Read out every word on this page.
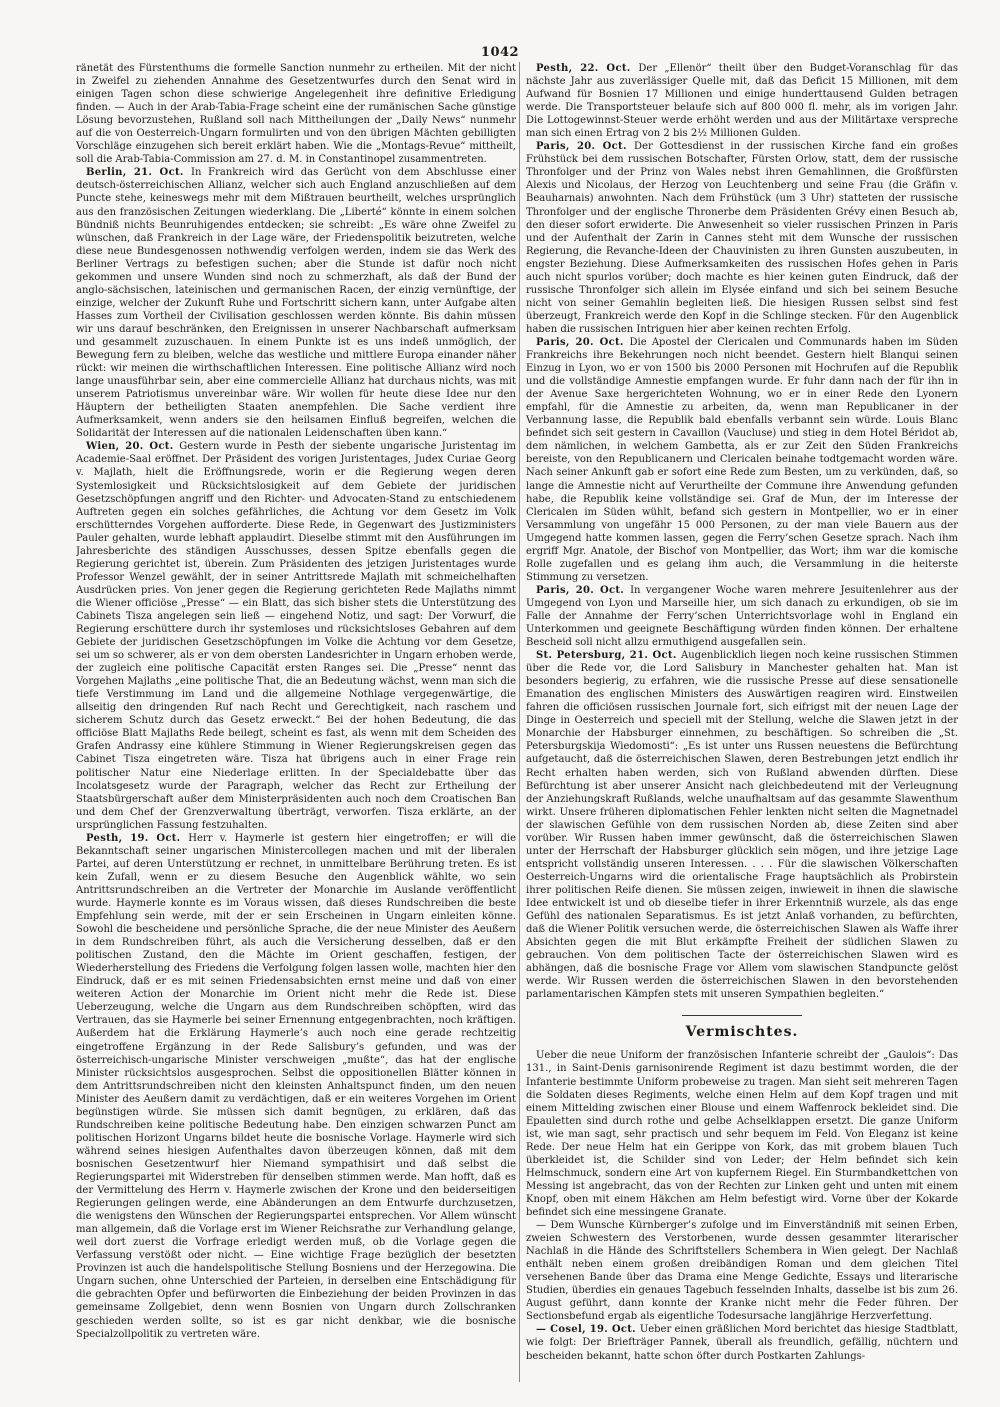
1042

ränetät des Fürstenthums die formelle Sanction nunmehr zu ertheilen. Mit der nicht in Zweifel zu ziehenden Annahme des Gesetzentwurfes durch den Senat wird in einigen Tagen schon diese schwierige Angelegenheit ihre definitive Erledigung finden. — Auch in der Arab-Tabia-Frage scheint eine der rumänischen Sache günstige Lösung bevorzustehen, Rußland soll nach Mittheilungen der „Daily News“ nunmehr auf die von Oesterreich-Ungarn formulirten und von den übrigen Mächten gebilligten Vorschläge einzugehen sich bereit erklärt haben. Wie die „Montags-Revue“ mittheilt, soll die Arab-Tabia-Commission am 27. d. M. in Constantinopel zusammentreten.

Berlin, 21. Oct. In Frankreich wird das Gerücht von dem Abschlusse einer deutsch-österreichischen Allianz, welcher sich auch England anzuschließen auf dem Puncte stehe, keineswegs mehr mit dem Mißtrauen beurtheilt, welches ursprünglich aus den französischen Zeitungen wiederklang. Die „Liberté“ könnte in einem solchen Bündniß nichts Beunruhigendes entdecken; sie schreibt: „Es wäre ohne Zweifel zu wünschen, daß Frankreich in der Lage wäre, der Friedenspolitik beizutreten, welche diese neue Bundesgenossen nothwendig verfolgen werden, indem sie das Werk des Berliner Vertrags zu befestigen suchen; aber die Stunde ist dafür noch nicht gekommen und unsere Wunden sind noch zu schmerzhaft, als daß der Bund der anglo-sächsischen, lateinischen und germanischen Racen, der einzig vernünftige, der einzige, welcher der Zukunft Ruhe und Fortschritt sichern kann, unter Aufgabe alten Hasses zum Vortheil der Civilisation geschlossen werden könnte. Bis dahin müssen wir uns darauf beschränken, den Ereignissen in unserer Nachbarschaft aufmerksam und gesammelt zuzuschauen. In einem Punkte ist es uns indeß unmöglich, der Bewegung fern zu bleiben, welche das westliche und mittlere Europa einander näher rückt: wir meinen die wirthschaftlichen Interessen. Eine politische Allianz wird noch lange unausführbar sein, aber eine commercielle Allianz hat durchaus nichts, was mit unserem Patriotismus unvereinbar wäre. Wir wollen für heute diese Idee nur den Häuptern der betheiligten Staaten anempfehlen. Die Sache verdient ihre Aufmerksamkeit, wenn anders sie den heilsamen Einfluß begreifen, welchen die Solidarität der Interessen auf die nationalen Leidenschaften üben kann.“

Wien, 20. Oct. Gestern wurde in Pesth der siebente ungarische Juristentag im Academie-Saal eröffnet. Der Präsident des vorigen Juristentages, Judex Curiae Georg v. Majlath, hielt die Eröffnungsrede, worin er die Regierung wegen deren Systemlosigkeit und Rücksichtslosigkeit auf dem Gebiete der juridischen Gesetzschöpfungen angriff und den Richter- und Advocaten-Stand zu entschiedenem Auftreten gegen ein solches gefährliches, die Achtung vor dem Gesetz im Volk erschütterndes Vorgehen aufforderte. Diese Rede, in Gegenwart des Justizministers Pauler gehalten, wurde lebhaft applaudirt. Dieselbe stimmt mit den Ausführungen im Jahresberichte des ständigen Ausschusses, dessen Spitze ebenfalls gegen die Regierung gerichtet ist, überein. Zum Präsidenten des jetzigen Juristentages wurde Professor Wenzel gewählt, der in seiner Antrittsrede Majlath mit schmeichelhaften Ausdrücken pries. Von jener gegen die Regierung gerichteten Rede Majlaths nimmt die Wiener officiöse „Presse“ — ein Blatt, das sich bisher stets die Unterstützung des Cabinets Tisza angelegen sein ließ — eingehend Notiz, und sagt: Der Vorwurf, die Regierung erschüttere durch ihr systemloses und rücksichtsloses Gebahren auf dem Gebiete der juridischen Gesetzschöpfungen im Volke die Achtung vor dem Gesetze, sei um so schwerer, als er von dem obersten Landesrichter in Ungarn erhoben werde, der zugleich eine politische Capacität ersten Ranges sei. Die „Presse“ nennt das Vorgehen Majlaths „eine politische That, die an Bedeutung wächst, wenn man sich die tiefe Verstimmung im Land und die allgemeine Nothlage vergegenwärtige, die allseitig den dringenden Ruf nach Recht und Gerechtigkeit, nach raschem und sicherem Schutz durch das Gesetz erweckt.“ Bei der hohen Bedeutung, die das officiöse Blatt Majlaths Rede beilegt, scheint es fast, als wenn mit dem Scheiden des Grafen Andrassy eine kühlere Stimmung in Wiener Regierungskreisen gegen das Cabinet Tisza eingetreten wäre. Tisza hat übrigens auch in einer Frage rein politischer Natur eine Niederlage erlitten. In der Specialdebatte über das Incolatsgesetz wurde der Paragraph, welcher das Recht zur Ertheilung der Staatsbürgerschaft außer dem Ministerpräsidenten auch noch dem Croatischen Ban und dem Chef der Grenzverwaltung überträgt, verworfen. Tisza erklärte, an der ursprünglichen Fassung festzuhalten.

Pesth, 19. Oct. Herr v. Haymerle ist gestern hier eingetroffen; er will die Bekanntschaft seiner ungarischen Ministercollegen machen und mit der liberalen Partei, auf deren Unterstützung er rechnet, in unmittelbare Berührung treten. Es ist kein Zufall, wenn er zu diesem Besuche den Augenblick wählte, wo sein Antrittsrundschreiben an die Vertreter der Monarchie im Auslande veröffentlicht wurde. Haymerle konnte es im Voraus wissen, daß dieses Rundschreiben die beste Empfehlung sein werde, mit der er sein Erscheinen in Ungarn einleiten könne. Sowohl die bescheidene und persönliche Sprache, die der neue Minister des Aeußern in dem Rundschreiben führt, als auch die Versicherung desselben, daß er den politischen Zustand, den die Mächte im Orient geschaffen, festigen, der Wiederherstellung des Friedens die Verfolgung folgen lassen wolle, machten hier den Eindruck, daß er es mit seinen Friedensabsichten ernst meine und daß von einer weiteren Action der Monarchie im Orient nicht mehr die Rede ist. Diese Ueberzeugung, welche die Ungarn aus dem Rundschreiben schöpften, wird das Vertrauen, das sie Haymerle bei seiner Ernennung entgegenbrachten, noch kräftigen. Außerdem hat die Erklärung Haymerle’s auch noch eine gerade rechtzeitig eingetroffene Ergänzung in der Rede Salisbury’s gefunden, und was der österreichisch-ungarische Minister verschweigen „mußte“, das hat der englische Minister rücksichtslos ausgesprochen. Selbst die oppositionellen Blätter können in dem Antrittsrundschreiben nicht den kleinsten Anhaltspunct finden, um den neuen Minister des Aeußern damit zu verdächtigen, daß er ein weiteres Vorgehen im Orient begünstigen würde. Sie müssen sich damit begnügen, zu erklären, daß das Rundschreiben keine politische Bedeutung habe. Den einzigen schwarzen Punct am politischen Horizont Ungarns bildet heute die bosnische Vorlage. Haymerle wird sich während seines hiesigen Aufenthaltes davon überzeugen können, daß mit dem bosnischen Gesetzentwurf hier Niemand sympathisirt und daß selbst die Regierungspartei mit Widerstreben für denselben stimmen werde. Man hofft, daß es der Vermittelung des Herrn v. Haymerle zwischen der Krone und den beiderseitigen Regierungen gelingen werde, eine Abänderungen an dem Entwurfe durchzusetzen, die wenigstens den Wünschen der Regierungspartei entsprechen. Vor Allem wünscht man allgemein, daß die Vorlage erst im Wiener Reichsrathe zur Verhandlung gelange, weil dort zuerst die Vorfrage erledigt werden muß, ob die Vorlage gegen die Verfassung verstößt oder nicht. — Eine wichtige Frage bezüglich der besetzten Provinzen ist auch die handelspolitische Stellung Bosniens und der Herzegowina. Die Ungarn suchen, ohne Unterschied der Parteien, in derselben eine Entschädigung für die gebrachten Opfer und befürworten die Einbeziehung der beiden Provinzen in das gemeinsame Zollgebiet, denn wenn Bosnien von Ungarn durch Zollschranken geschieden werden sollte, so ist es gar nicht denkbar, wie die bosnische Specialzollpolitik zu vertreten wäre.

Pesth, 22. Oct. Der „Ellenör“ theilt über den Budget-Voranschlag für das nächste Jahr aus zuverlässiger Quelle mit, daß das Deficit 15 Millionen, mit dem Aufwand für Bosnien 17 Millionen und einige hunderttausend Gulden betragen werde. Die Transportsteuer belaufe sich auf 800 000 fl. mehr, als im vorigen Jahr. Die Lottogewinnst-Steuer werde erhöht werden und aus der Militärtaxe verspreche man sich einen Ertrag von 2 bis 2½ Millionen Gulden.

Paris, 20. Oct. Der Gottesdienst in der russischen Kirche fand ein großes Frühstück bei dem russischen Botschafter, Fürsten Orlow, statt, dem der russische Thronfolger und der Prinz von Wales nebst ihren Gemahlinnen, die Großfürsten Alexis und Nicolaus, der Herzog von Leuchtenberg und seine Frau (die Gräfin v. Beauharnais) anwohnten. Nach dem Frühstück (um 3 Uhr) statteten der russische Thronfolger und der englische Thronerbe dem Präsidenten Grévy einen Besuch ab, den dieser sofort erwiderte. Die Anwesenheit so vieler russischen Prinzen in Paris und der Aufenthalt der Zarin in Cannes steht mit dem Wunsche der russischen Regierung, die Revanche-Ideen der Chauvinisten zu ihren Gunsten auszubeuten, in engster Beziehung. Diese Aufmerksamkeiten des russischen Hofes gehen in Paris auch nicht spurlos vorüber; doch machte es hier keinen guten Eindruck, daß der russische Thronfolger sich allein im Elysée einfand und sich bei seinem Besuche nicht von seiner Gemahlin begleiten ließ. Die hiesigen Russen selbst sind fest überzeugt, Frankreich werde den Kopf in die Schlinge stecken. Für den Augenblick haben die russischen Intriguen hier aber keinen rechten Erfolg.

Paris, 20. Oct. Die Apostel der Clericalen und Communards haben im Süden Frankreichs ihre Bekehrungen noch nicht beendet. Gestern hielt Blanqui seinen Einzug in Lyon, wo er von 1500 bis 2000 Personen mit Hochrufen auf die Republik und die vollständige Amnestie empfangen wurde. Er fuhr dann nach der für ihn in der Avenue Saxe hergerichteten Wohnung, wo er in einer Rede den Lyonern empfahl, für die Amnestie zu arbeiten, da, wenn man Republicaner in der Verbannung lasse, die Republik bald ebenfalls verbannt sein würde. Louis Blanc befindet sich seit gestern in Cavaillon (Vaucluse) und stieg in dem Hotel Béridot ab, dem nämlichen, in welchem Gambetta, als er zur Zeit den Süden Frankreichs bereiste, von den Republicanern und Clericalen beinahe todtgemacht worden wäre. Nach seiner Ankunft gab er sofort eine Rede zum Besten, um zu verkünden, daß, so lange die Amnestie nicht auf Verurtheilte der Commune ihre Anwendung gefunden habe, die Republik keine vollständige sei. Graf de Mun, der im Interesse der Clericalen im Süden wühlt, befand sich gestern in Montpellier, wo er in einer Versammlung von ungefähr 15 000 Personen, zu der man viele Bauern aus der Umgegend hatte kommen lassen, gegen die Ferry’schen Gesetze sprach. Nach ihm ergriff Mgr. Anatole, der Bischof von Montpellier, das Wort; ihm war die komische Rolle zugefallen und es gelang ihm auch, die Versammlung in die heiterste Stimmung zu versetzen.

Paris, 20. Oct. In vergangener Woche waren mehrere Jesuitenlehrer aus der Umgegend von Lyon und Marseille hier, um sich danach zu erkundigen, ob sie im Falle der Annahme der Ferry’schen Unterrichtsvorlage wohl in England ein Unterkommen und geeignete Beschäftigung würden finden können. Der erhaltene Bescheid soll nicht allzu ermuthigend ausgefallen sein.

St. Petersburg, 21. Oct. Augenblicklich liegen noch keine russischen Stimmen über die Rede vor, die Lord Salisbury in Manchester gehalten hat. Man ist besonders begierig, zu erfahren, wie die russische Presse auf diese sensationelle Emanation des englischen Ministers des Auswärtigen reagiren wird. Einstweilen fahren die officiösen russischen Journale fort, sich eifrigst mit der neuen Lage der Dinge in Oesterreich und speciell mit der Stellung, welche die Slawen jetzt in der Monarchie der Habsburger einnehmen, zu beschäftigen. So schreiben die „St. Petersburgskija Wiedomosti“: „Es ist unter uns Russen neuestens die Befürchtung aufgetaucht, daß die österreichischen Slawen, deren Bestrebungen jetzt endlich ihr Recht erhalten haben werden, sich von Rußland abwenden dürften. Diese Befürchtung ist aber unserer Ansicht nach gleichbedeutend mit der Verleugnung der Anziehungskraft Rußlands, welche unaufhaltsam auf das gesammte Slawenthum wirkt. Unsere früheren diplomatischen Fehler lenkten nicht selten die Magnetnadel der slawischen Gefühle von dem russischen Norden ab, diese Zeiten sind aber vorüber. Wir Russen haben immer gewünscht, daß die österreichischen Slawen unter der Herrschaft der Habsburger glücklich sein mögen, und ihre jetzige Lage entspricht vollständig unseren Interessen. . . . Für die slawischen Völkerschaften Oesterreich-Ungarns wird die orientalische Frage hauptsächlich als Probirstein ihrer politischen Reife dienen. Sie müssen zeigen, inwieweit in ihnen die slawische Idee entwickelt ist und ob dieselbe tiefer in ihrer Erkenntniß wurzele, als das enge Gefühl des nationalen Separatismus. Es ist jetzt Anlaß vorhanden, zu befürchten, daß die Wiener Politik versuchen werde, die österreichischen Slawen als Waffe ihrer Absichten gegen die mit Blut erkämpfte Freiheit der südlichen Slawen zu gebrauchen. Von dem politischen Tacte der österreichischen Slawen wird es abhängen, daß die bosnische Frage vor Allem vom slawischen Standpuncte gelöst werde. Wir Russen werden die österreichischen Slawen in den bevorstehenden parlamentarischen Kämpfen stets mit unseren Sympathien begleiten.“

Vermischtes.

Ueber die neue Uniform der französischen Infanterie schreibt der „Gaulois“: Das 131., in Saint-Denis garnisonirende Regiment ist dazu bestimmt worden, die der Infanterie bestimmte Uniform probeweise zu tragen. Man sieht seit mehreren Tagen die Soldaten dieses Regiments, welche einen Helm auf dem Kopf tragen und mit einem Mittelding zwischen einer Blouse und einem Waffenrock bekleidet sind. Die Epauletten sind durch rothe und gelbe Achselklappen ersetzt. Die ganze Uniform ist, wie man sagt, sehr practisch und sehr bequem im Feld. Von Eleganz ist keine Rede. Der neue Helm hat ein Gerippe von Kork, das mit grobem blauen Tuch überkleidet ist, die Schilder sind von Leder; der Helm befindet sich kein Helmschmuck, sondern eine Art von kupfernem Riegel. Ein Sturmbandkettchen von Messing ist angebracht, das von der Rechten zur Linken geht und unten mit einem Knopf, oben mit einem Häkchen am Helm befestigt wird. Vorne über der Kokarde befindet sich eine messingene Granate.

— Dem Wunsche Kürnberger’s zufolge und im Einverständniß mit seinen Erben, zweien Schwestern des Verstorbenen, wurde dessen gesammter literarischer Nachlaß in die Hände des Schriftstellers Schembera in Wien gelegt. Der Nachlaß enthält neben einem großen dreibändigen Roman und dem gleichen Titel versehenen Bande über das Drama eine Menge Gedichte, Essays und literarische Studien, überdies ein genaues Tagebuch fesselnden Inhalts, dasselbe ist bis zum 26. August geführt, dann konnte der Kranke nicht mehr die Feder führen. Der Sectionsbefund ergab als eigentliche Todesursache langjährige Herzverfettung.

— Cosel, 19. Oct. Ueber einen gräßlichen Mord berichtet das hiesige Stadtblatt, wie folgt: Der Briefträger Pannek, überall als freundlich, gefällig, nüchtern und bescheiden bekannt, hatte schon öfter durch Postkarten Zahlungs-
